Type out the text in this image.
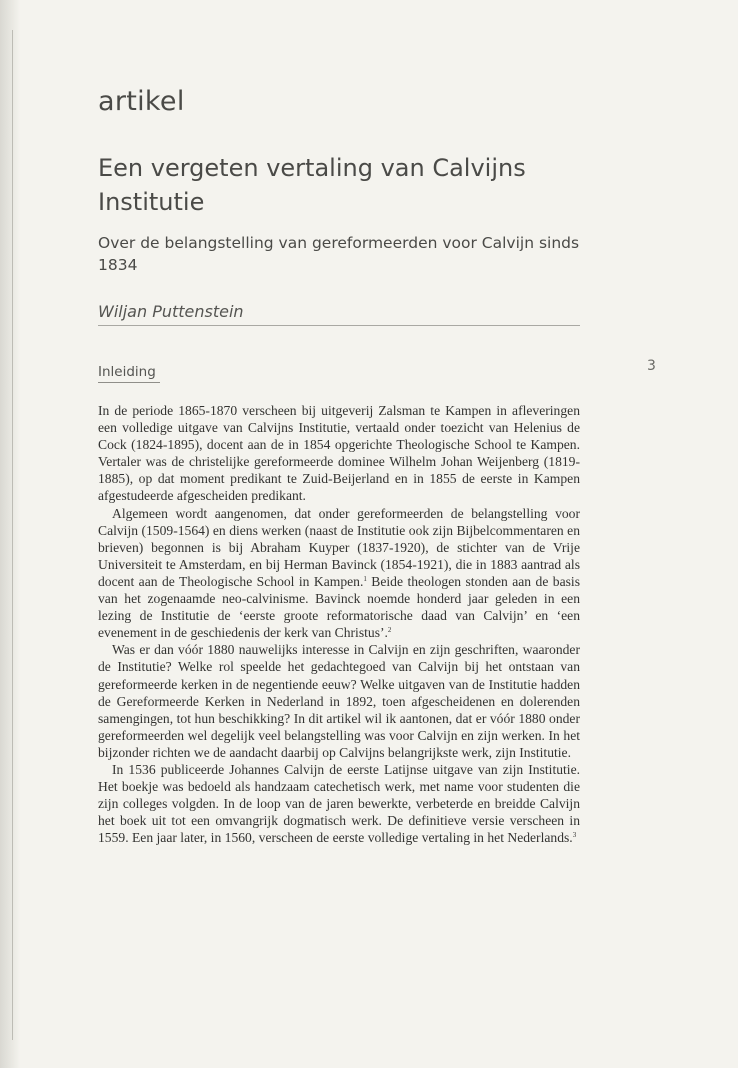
artikel
Een vergeten vertaling van Calvijns Institutie
Over de belangstelling van gereformeerden voor Calvijn sinds 1834
Wiljan Puttenstein
Inleiding	3

In de periode 1865-1870 verscheen bij uitgeverij Zalsman te Kampen in afleveringen een volledige uitgave van Calvijns Institutie, vertaald onder toezicht van Helenius de Cock (1824-1895), docent aan de in 1854 opgerichte Theologische School te Kampen. Vertaler was de christelijke gereformeerde dominee Wilhelm Johan Weijenberg (1819-1885), op dat moment predikant te Zuid-Beijerland en in 1855 de eerste in Kampen afgestudeerde afgescheiden predikant.

Algemeen wordt aangenomen, dat onder gereformeerden de belangstelling voor Calvijn (1509-1564) en diens werken (naast de Institutie ook zijn Bijbelcommentaren en brieven) begonnen is bij Abraham Kuyper (1837-1920), de stichter van de Vrije Universiteit te Amsterdam, en bij Herman Bavinck (1854-1921), die in 1883 aantrad als docent aan de Theologische School in Kampen.$^1$ Beide theologen stonden aan de basis van het zogenaamde neo-calvinisme. Bavinck noemde honderd jaar geleden in een lezing de Institutie de ‘eerste groote reformatorische daad van Calvijn’ en ‘een evenement in de geschiedenis der kerk van Christus’.$^2$

Was er dan vóór 1880 nauwelijks interesse in Calvijn en zijn geschriften, waaronder de Institutie? Welke rol speelde het gedachtegoed van Calvijn bij het ontstaan van gereformeerde kerken in de negentiende eeuw? Welke uitgaven van de Institutie hadden de Gereformeerde Kerken in Nederland in 1892, toen afgescheidenen en dolerenden samengingen, tot hun beschikking? In dit artikel wil ik aantonen, dat er vóór 1880 onder gereformeerden wel degelijk veel belangstelling was voor Calvijn en zijn werken. In het bijzonder richten we de aandacht daarbij op Calvijns belangrijkste werk, zijn Institutie.

In 1536 publiceerde Johannes Calvijn de eerste Latijnse uitgave van zijn Institutie. Het boekje was bedoeld als handzaam catechetisch werk, met name voor studenten die zijn colleges volgden. In de loop van de jaren bewerkte, verbeterde en breidde Calvijn het boek uit tot een omvangrijk dogmatisch werk. De definitieve versie verscheen in 1559. Een jaar later, in 1560, verscheen de eerste volledige vertaling in het Nederlands.$^3$
